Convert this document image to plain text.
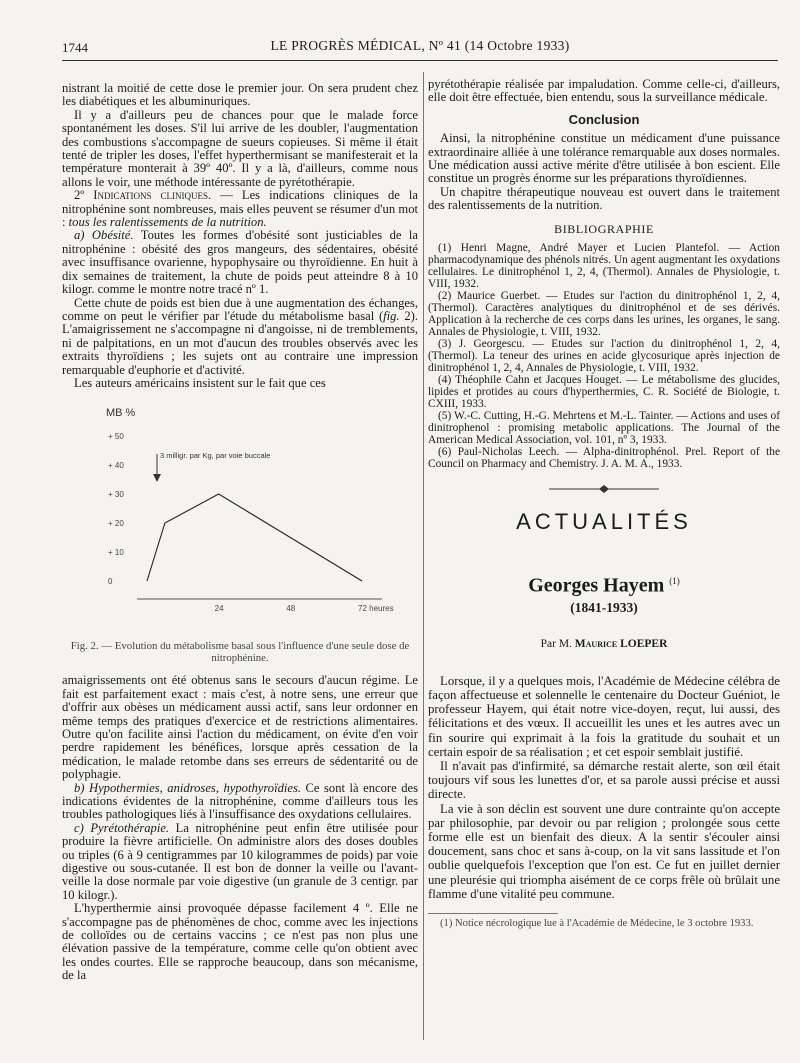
1744	LE PROGRÈS MÉDICAL, Nº 41 (14 Octobre 1933)

nistrant la moitié de cette dose le premier jour. On sera prudent chez les diabétiques et les albuminuriques.

Il y a d'ailleurs peu de chances pour que le malade force spontanément les doses. S'il lui arrive de les doubler, l'augmentation des combustions s'accompagne de sueurs copieuses. Si même il était tenté de tripler les doses, l'effet hyperthermisant se manifesterait et la température monterait à 39º 40º. Il y a là, d'ailleurs, comme nous allons le voir, une méthode intéressante de pyrétothérapie.

2º Indications cliniques. — Les indications cliniques de la nitrophénine sont nombreuses, mais elles peuvent se résumer d'un mot : tous les ralentissements de la nutrition.

a) Obésité. Toutes les formes d'obésité sont justiciables de la nitrophénine : obésité des gros mangeurs, des sédentaires, obésité avec insuffisance ovarienne, hypophysaire ou thyroïdienne. En huit à dix semaines de traitement, la chute de poids peut atteindre 8 à 10 kilogr. comme le montre notre tracé nº 1.

Cette chute de poids est bien due à une augmentation des échanges, comme on peut le vérifier par l'étude du métabolisme basal (fig. 2). L'amaigrissement ne s'accompagne ni d'angoisse, ni de tremblements, ni de palpitations, en un mot d'aucun des troubles observés avec les extraits thyroïdiens ; les sujets ont au contraire une impression remarquable d'euphorie et d'activité.

Les auteurs américains insistent sur le fait que ces

MB %
+ 50
+ 40
+ 30
+ 20
+ 10
0
24	48	72 heures
3 milligr. par Kg, par voie buccale

Fig. 2. — Evolution du métabolisme basal sous l'influence d'une seule dose de nitrophénine.

amaigrissements ont été obtenus sans le secours d'aucun régime. Le fait est parfaitement exact : mais c'est, à notre sens, une erreur que d'offrir aux obèses un médicament aussi actif, sans leur ordonner en même temps des pratiques d'exercice et de restrictions alimentaires. Outre qu'on facilite ainsi l'action du médicament, on évite d'en voir perdre rapidement les bénéfices, lorsque après cessation de la médication, le malade retombe dans ses erreurs de sédentarité ou de polyphagie.

b) Hypothermies, anidroses, hypothyroïdies. Ce sont là encore des indications évidentes de la nitrophénine, comme d'ailleurs tous les troubles pathologiques liés à l'insuffisance des oxydations cellulaires.

c) Pyrétothérapie. La nitrophénine peut enfin être utilisée pour produire la fièvre artificielle. On administre alors des doses doubles ou triples (6 à 9 centigrammes par 10 kilogrammes de poids) par voie digestive ou sous-cutanée. Il est bon de donner la veille ou l'avant-veille la dose normale par voie digestive (un granule de 3 centigr. par 10 kilogr.).

L'hyperthermie ainsi provoquée dépasse facilement 4 º. Elle ne s'accompagne pas de phénomènes de choc, comme avec les injections de colloïdes ou de certains vaccins ; ce n'est pas non plus une élévation passive de la température, comme celle qu'on obtient avec les ondes courtes. Elle se rapproche beaucoup, dans son mécanisme, de la

pyrétothérapie réalisée par impaludation. Comme celle-ci, d'ailleurs, elle doit être effectuée, bien entendu, sous la surveillance médicale.

Conclusion

Ainsi, la nitrophénine constitue un médicament d'une puissance extraordinaire alliée à une tolérance remarquable aux doses normales. Une médication aussi active mérite d'être utilisée à bon escient. Elle constitue un progrès énorme sur les préparations thyroïdiennes.

Un chapitre thérapeutique nouveau est ouvert dans le traitement des ralentissements de la nutrition.

BIBLIOGRAPHIE

(1) Henri Magne, André Mayer et Lucien Plantefol. — Action pharmacodynamique des phénols nitrés. Un agent augmentant les oxydations cellulaires. Le dinitrophénol 1, 2, 4, (Thermol). Annales de Physiologie, t. VIII, 1932.

(2) Maurice Guerbet. — Etudes sur l'action du dinitrophénol 1, 2, 4, (Thermol). Caractères analytiques du dinitrophénol et de ses dérivés. Application à la recherche de ces corps dans les urines, les organes, le sang. Annales de Physiologie, t. VIII, 1932.

(3) J. Georgescu. — Etudes sur l'action du dinitrophénol 1, 2, 4, (Thermol). La teneur des urines en acide glycosurique après injection de dinitrophénol 1, 2, 4, Annales de Physiologie, t. VIII, 1932.

(4) Théophile Cahn et Jacques Houget. — Le métabolisme des glucides, lipides et protides au cours d'hyperthermies, C. R. Société de Biologie, t. CXIII, 1933.

(5) W.-C. Cutting, H.-G. Mehrtens et M.-L. Tainter. — Actions and uses of dinitrophenol : promising metabolic applications. The Journal of the American Medical Association, vol. 101, nº 3, 1933.

(6) Paul-Nicholas Leech. — Alpha-dinitrophénol. Prel. Report of the Council on Pharmacy and Chemistry. J. A. M. A., 1933.

ACTUALITÉS

Georges Hayem $^{(1)}$

(1841-1933)

Par M. Maurice LOEPER

Lorsque, il y a quelques mois, l'Académie de Médecine célébra de façon affectueuse et solennelle le centenaire du Docteur Guéniot, le professeur Hayem, qui était notre vice-doyen, reçut, lui aussi, des félicitations et des vœux. Il accueillit les unes et les autres avec un fin sourire qui exprimait à la fois la gratitude du souhait et un certain espoir de sa réalisation ; et cet espoir semblait justifié.

Il n'avait pas d'infirmité, sa démarche restait alerte, son œil était toujours vif sous les lunettes d'or, et sa parole aussi précise et aussi directe.

La vie à son déclin est souvent une dure contrainte qu'on accepte par philosophie, par devoir ou par religion ; prolongée sous cette forme elle est un bienfait des dieux. A la sentir s'écouler ainsi doucement, sans choc et sans à-coup, on la vit sans lassitude et l'on oublie quelquefois l'exception que l'on est. Ce fut en juillet dernier une pleurésie qui triompha aisément de ce corps frêle où brûlait une flamme d'une vitalité peu commune.

(1) Notice nécrologique lue à l'Académie de Médecine, le 3 octobre 1933.
